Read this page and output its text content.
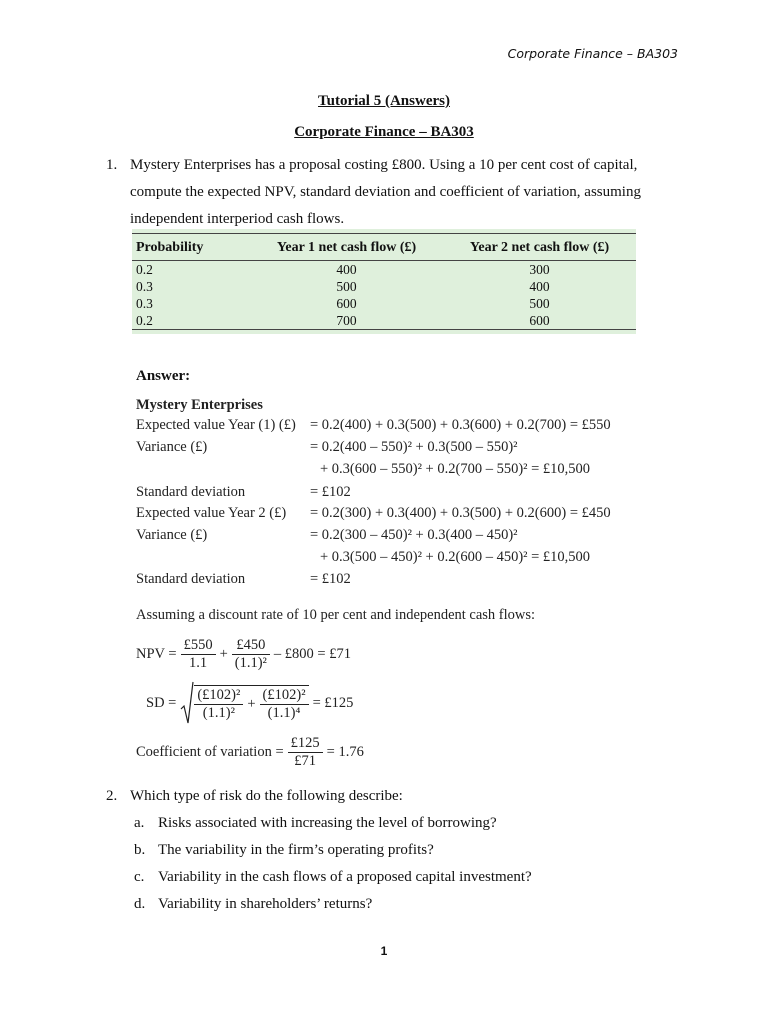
Corporate Finance – BA303
Tutorial 5 (Answers)
Corporate Finance – BA303
1. Mystery Enterprises has a proposal costing £800. Using a 10 per cent cost of capital,
compute the expected NPV, standard deviation and coefficient of variation, assuming
independent interperiod cash flows.
Probability	Year 1 net cash flow (£)	Year 2 net cash flow (£)
0.2	400	300
0.3	500	400
0.3	600	500
0.2	700	600
Answer:
Mystery Enterprises
Expected value Year (1) (£) = 0.2(400) + 0.3(500) + 0.3(600) + 0.2(700) = £550
Variance (£)	= 0.2(400 – 550)² + 0.3(500 – 550)²
+ 0.3(600 – 550)² + 0.2(700 – 550)² = £10,500
Standard deviation	= £102
Expected value Year 2 (£) = 0.2(300) + 0.3(400) + 0.3(500) + 0.2(600) = £450
Variance (£)	= 0.2(300 – 450)² + 0.3(400 – 450)²
+ 0.3(500 – 450)² + 0.2(600 – 450)² = £10,500
Standard deviation	= £102
Assuming a discount rate of 10 per cent and independent cash flows:
NPV = $\frac{£550}{1.1} + \frac{£450}{\text{(1.1)²}}$ – £800 = £71
SD = $\frac{\text{(£102)²}}{\text{(1.1)²}} + \frac{\text{(£102)²}}{\text{(1.1)⁴}}$ = £125
Coefficient of variation = $\frac{£125}{£71} = 1.76$
2. Which type of risk do the following describe:
a. Risks associated with increasing the level of borrowing?
b. The variability in the firm’s operating profits?
c. Variability in the cash flows of a proposed capital investment?
d. Variability in shareholders’ returns?
1
